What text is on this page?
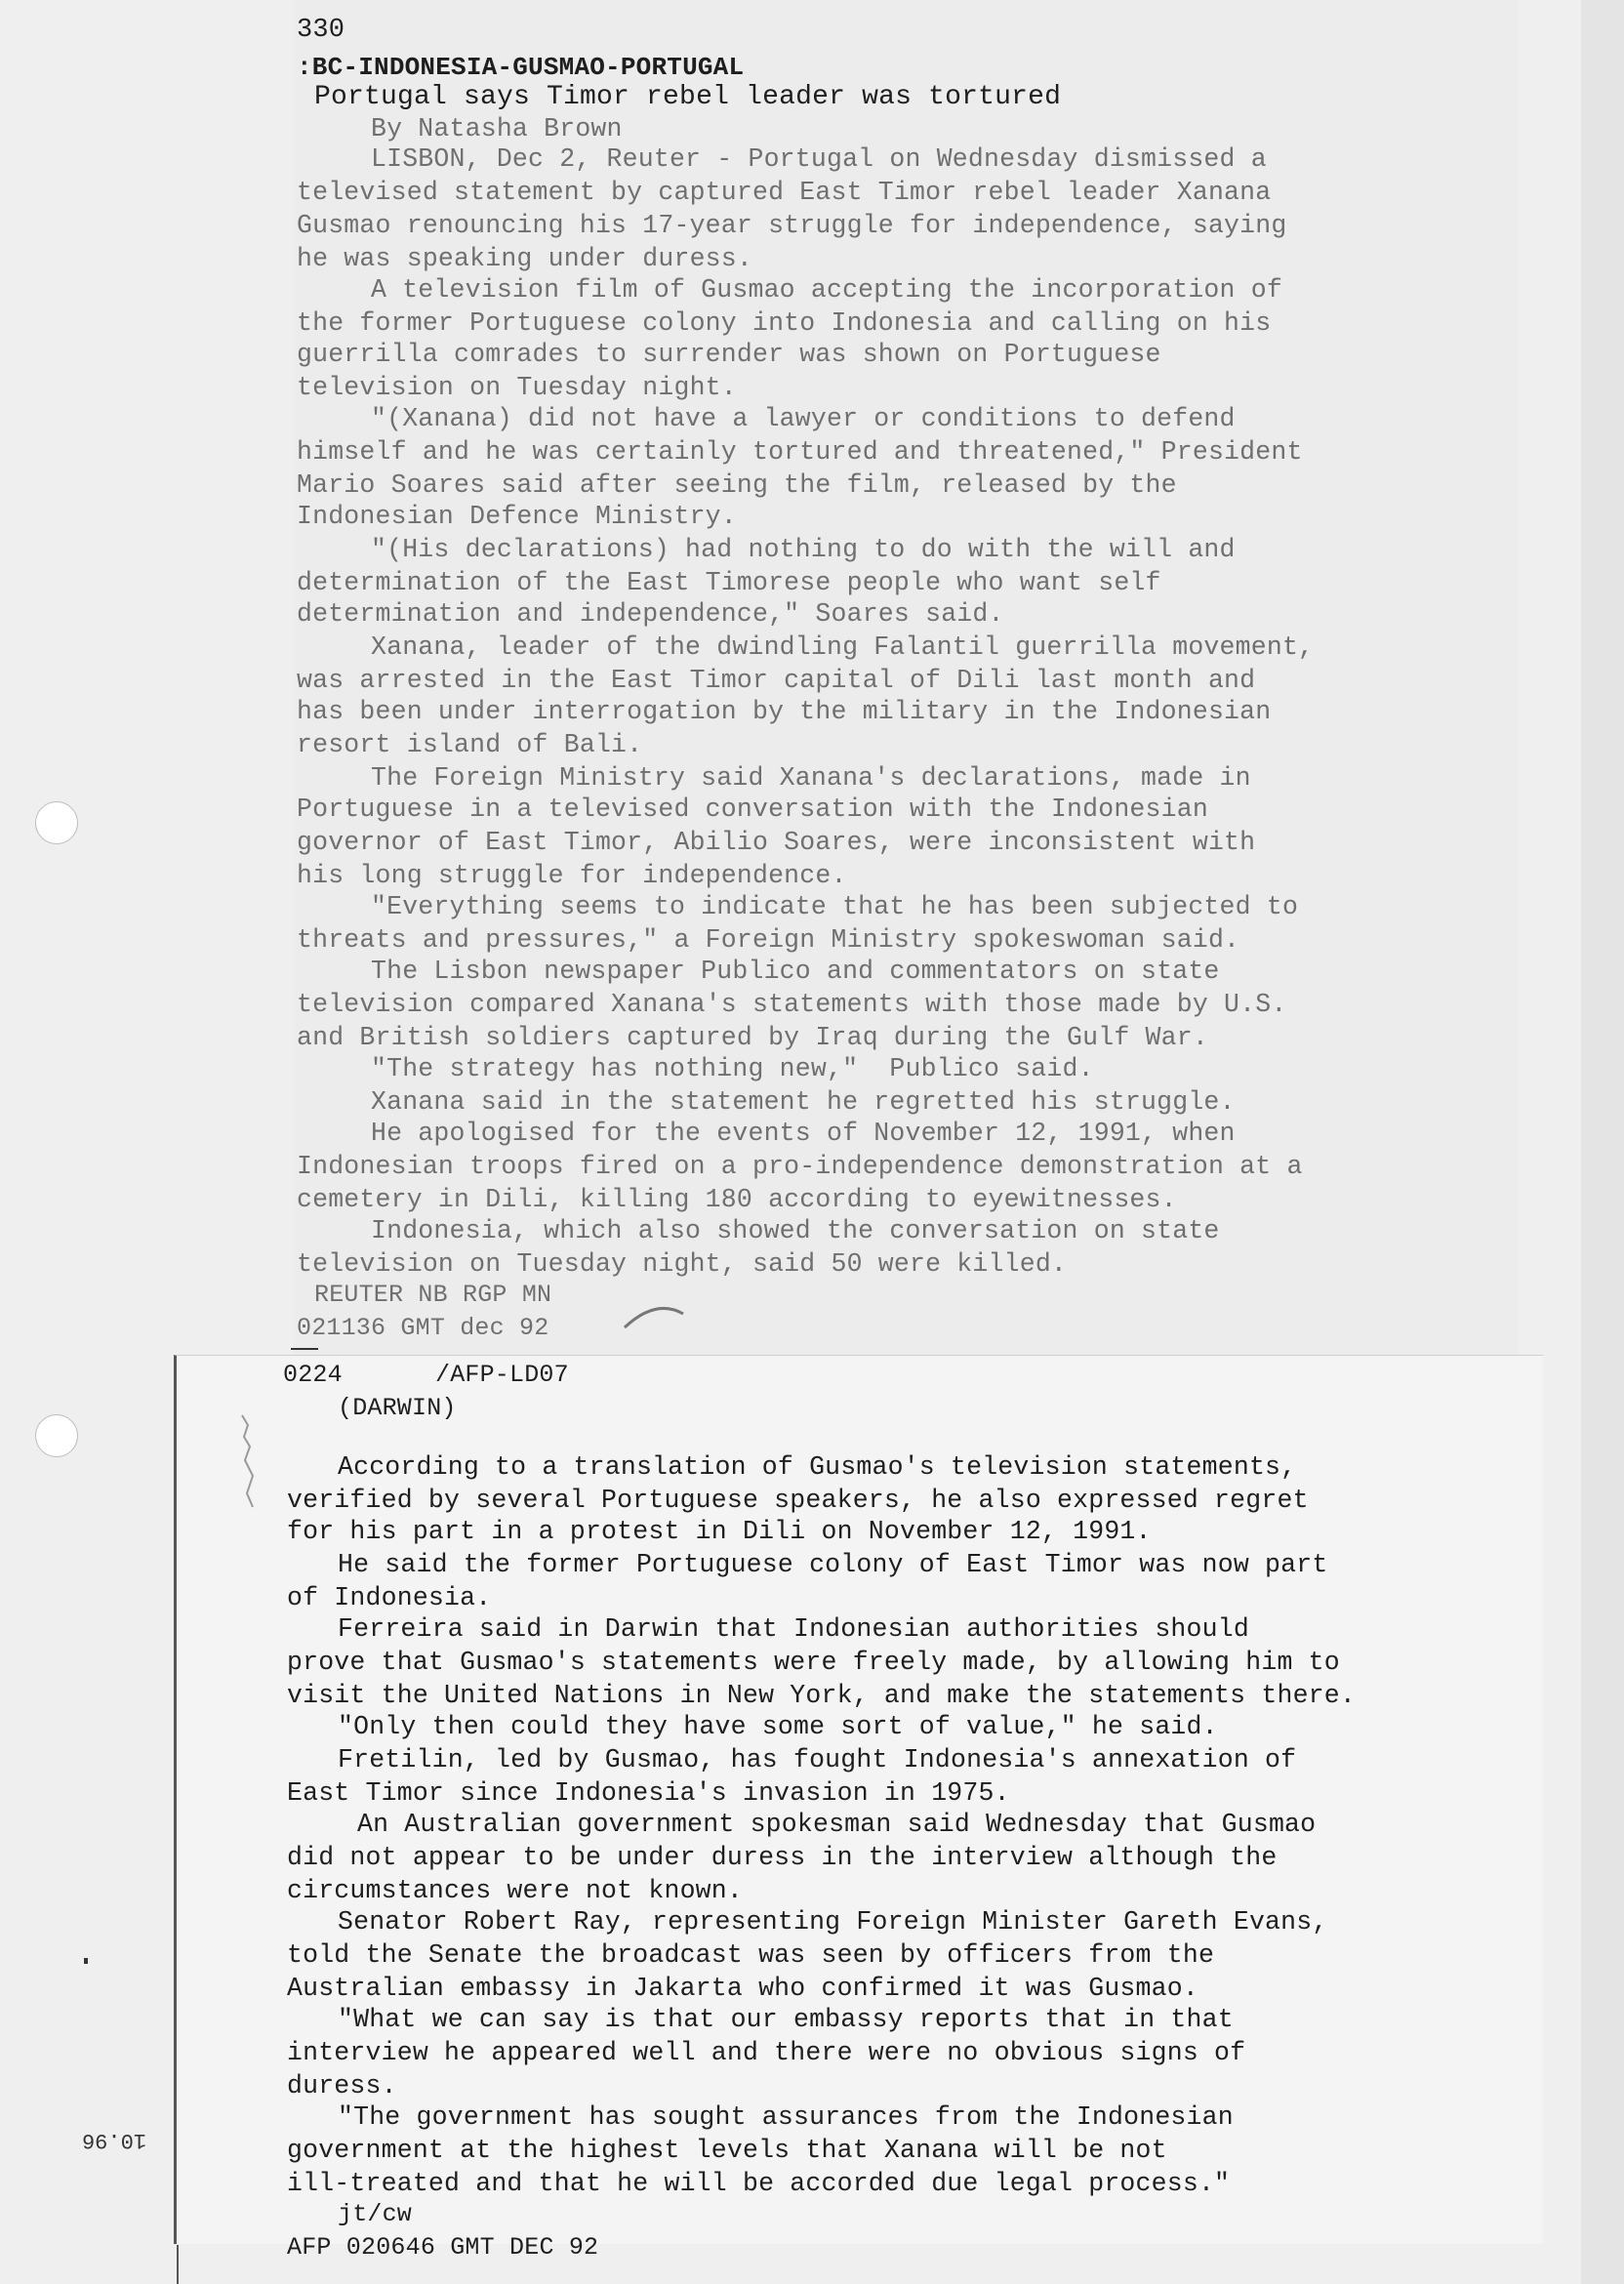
330
:BC-INDONESIA-GUSMAO-PORTUGAL
Portugal says Timor rebel leader was tortured
By Natasha Brown
LISBON, Dec 2, Reuter - Portugal on Wednesday dismissed a
televised statement by captured East Timor rebel leader Xanana
Gusmao renouncing his 17-year struggle for independence, saying
he was speaking under duress.
A television film of Gusmao accepting the incorporation of
the former Portuguese colony into Indonesia and calling on his
guerrilla comrades to surrender was shown on Portuguese
television on Tuesday night.
"(Xanana) did not have a lawyer or conditions to defend
himself and he was certainly tortured and threatened," President
Mario Soares said after seeing the film, released by the
Indonesian Defence Ministry.
"(His declarations) had nothing to do with the will and
determination of the East Timorese people who want self
determination and independence," Soares said.
Xanana, leader of the dwindling Falantil guerrilla movement,
was arrested in the East Timor capital of Dili last month and
has been under interrogation by the military in the Indonesian
resort island of Bali.
The Foreign Ministry said Xanana's declarations, made in
Portuguese in a televised conversation with the Indonesian
governor of East Timor, Abilio Soares, were inconsistent with
his long struggle for independence.
"Everything seems to indicate that he has been subjected to
threats and pressures," a Foreign Ministry spokeswoman said.
The Lisbon newspaper Publico and commentators on state
television compared Xanana's statements with those made by U.S.
and British soldiers captured by Iraq during the Gulf War.
"The strategy has nothing new,"  Publico said.
Xanana said in the statement he regretted his struggle.
He apologised for the events of November 12, 1991, when
Indonesian troops fired on a pro-independence demonstration at a
cemetery in Dili, killing 180 according to eyewitnesses.
Indonesia, which also showed the conversation on state
television on Tuesday night, said 50 were killed.
REUTER NB RGP MN
021136 GMT dec 92
0224	/AFP-LD07
(DARWIN)
According to a translation of Gusmao's television statements,
verified by several Portuguese speakers, he also expressed regret
for his part in a protest in Dili on November 12, 1991.
He said the former Portuguese colony of East Timor was now part
of Indonesia.
Ferreira said in Darwin that Indonesian authorities should
prove that Gusmao's statements were freely made, by allowing him to
visit the United Nations in New York, and make the statements there.
"Only then could they have some sort of value," he said.
Fretilin, led by Gusmao, has fought Indonesia's annexation of
East Timor since Indonesia's invasion in 1975.
An Australian government spokesman said Wednesday that Gusmao
did not appear to be under duress in the interview although the
circumstances were not known.
Senator Robert Ray, representing Foreign Minister Gareth Evans,
told the Senate the broadcast was seen by officers from the
Australian embassy in Jakarta who confirmed it was Gusmao.
"What we can say is that our embassy reports that in that
interview he appeared well and there were no obvious signs of
duress.
"The government has sought assurances from the Indonesian
government at the highest levels that Xanana will be not
ill-treated and that he will be accorded due legal process."
jt/cw
AFP 020646 GMT DEC 92
10.96
